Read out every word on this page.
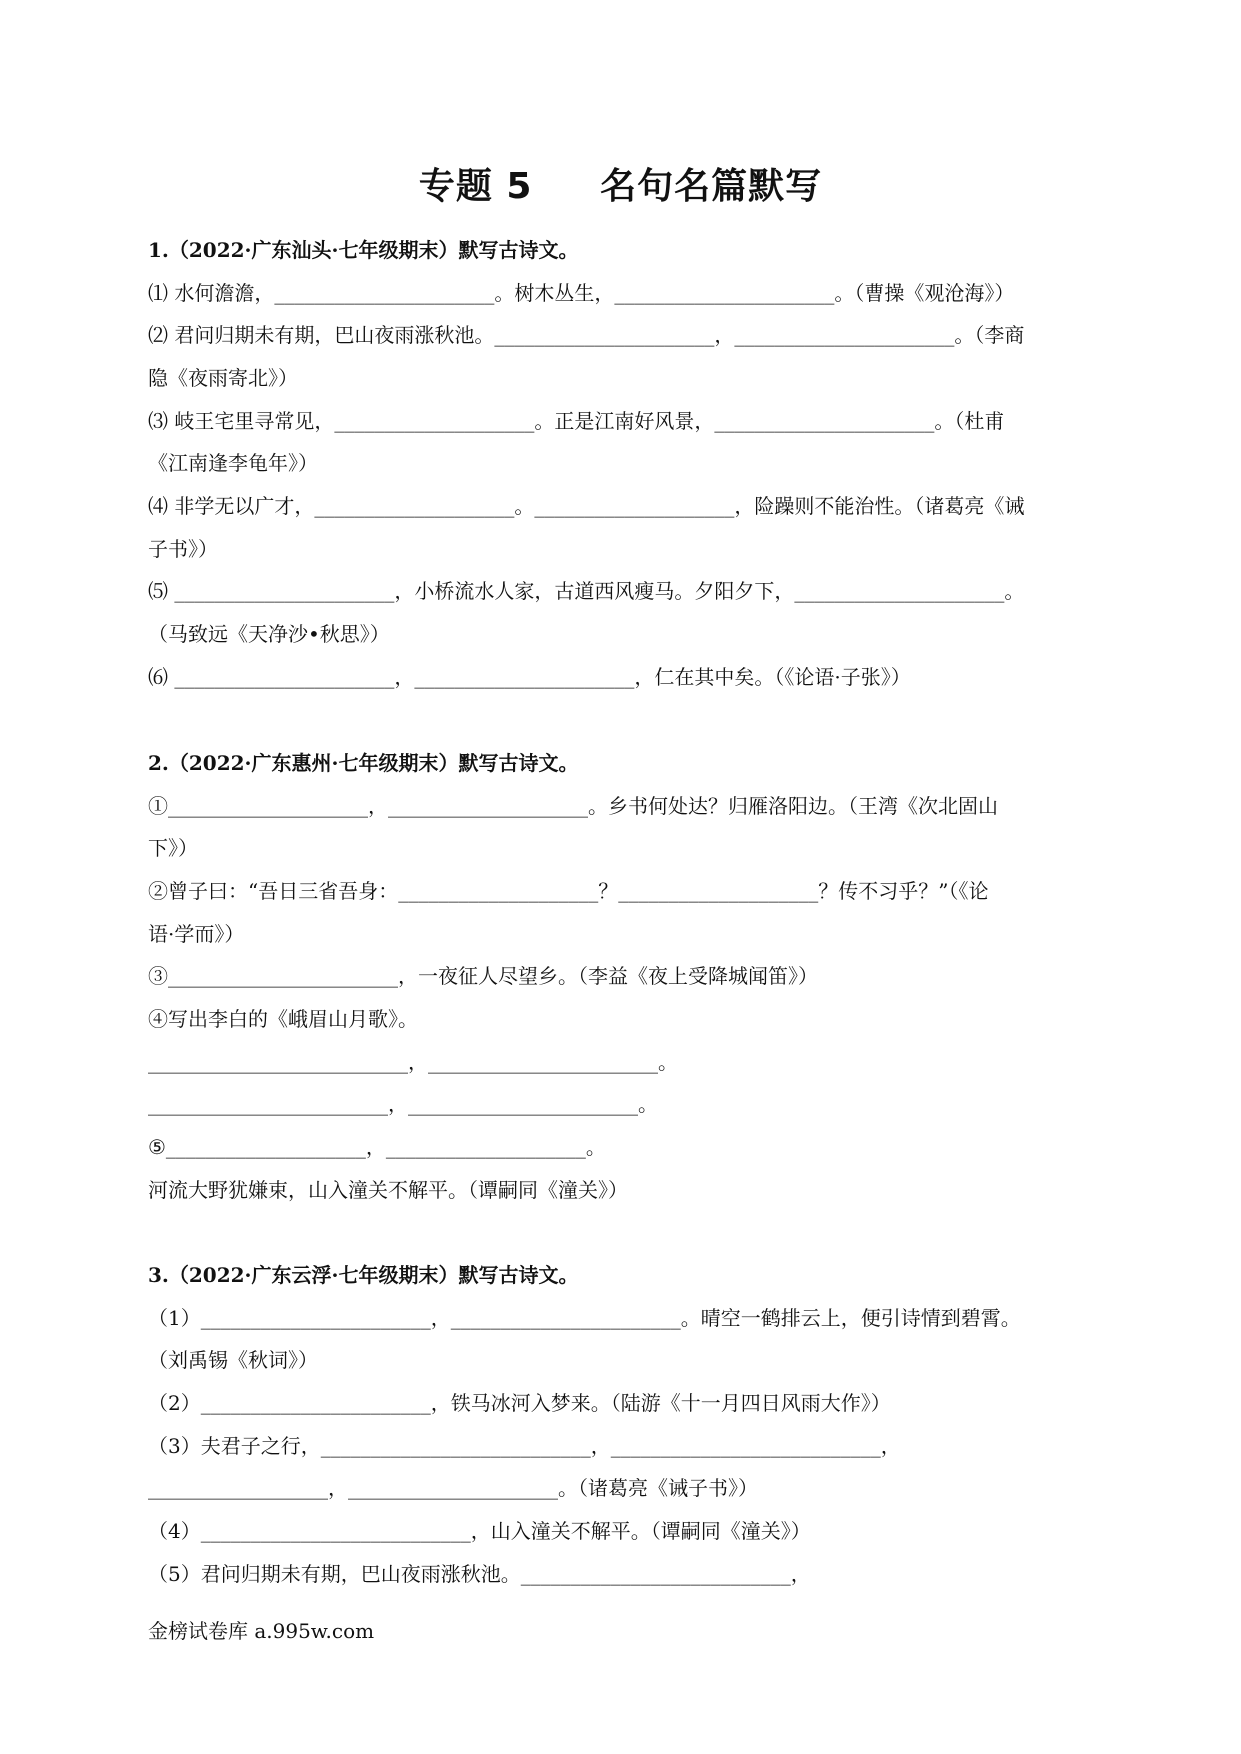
专题 5     名句名篇默写
1.（2022·广东汕头·七年级期末）默写古诗文。
⑴ 水何澹澹，______________________。树木丛生，______________________。（曹操《观沧海》）
⑵ 君问归期未有期，巴山夜雨涨秋池。______________________，______________________。（李商
隐《夜雨寄北》）
⑶ 岐王宅里寻常见，____________________。正是江南好风景，______________________。（杜甫
《江南逢李龟年》）
⑷ 非学无以广才，____________________。____________________，险躁则不能治性。（诸葛亮《诫
子书》）
⑸ ______________________，小桥流水人家，古道西风瘦马。夕阳夕下，_____________________。
（马致远《天净沙•秋思》）
⑹ ______________________，______________________，仁在其中矣。（《论语·子张》）
2.（2022·广东惠州·七年级期末）默写古诗文。
①____________________，____________________。乡书何处达？归雁洛阳边。（王湾《次北固山
下》）
②曾子曰：“吾日三省吾身：____________________？____________________？传不习乎？”（《论
语·学而》）
③_______________________，一夜征人尽望乡。（李益《夜上受降城闻笛》）
④写出李白的《峨眉山月歌》。
__________________________，_______________________。
________________________，_______________________。
⑤____________________，____________________。
河流大野犹嫌束，山入潼关不解平。（谭嗣同《潼关》）
3.（2022·广东云浮·七年级期末）默写古诗文。
（1）_______________________，_______________________。晴空一鹤排云上，便引诗情到碧霄。
（刘禹锡《秋词》）
（2）_______________________，铁马冰河入梦来。（陆游《十一月四日风雨大作》）
（3）夫君子之行，___________________________，___________________________，
__________________，_____________________。（诸葛亮《诫子书》）
（4）___________________________，山入潼关不解平。（谭嗣同《潼关》）
（5）君问归期未有期，巴山夜雨涨秋池。___________________________，
金榜试卷库 a.995w.com
